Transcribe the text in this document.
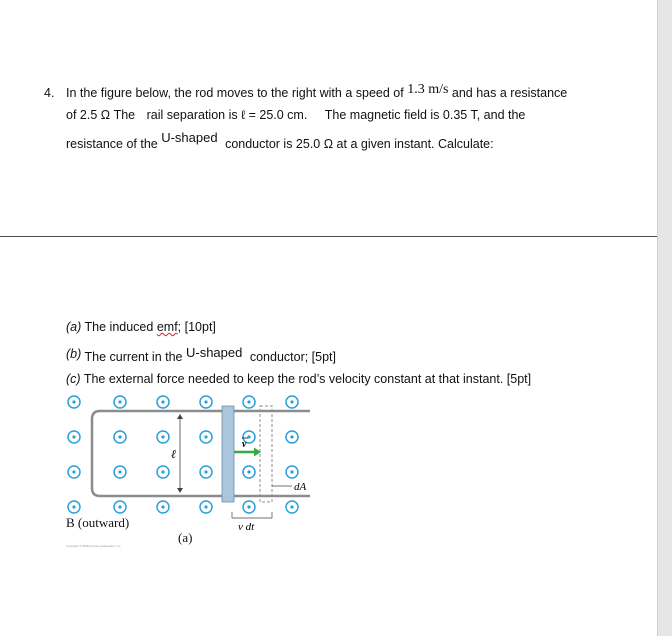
4. In the figure below, the rod moves to the right with a speed of 1.3 m/s and has a resistance
of 2.5 Ω The rail separation is ℓ = 25.0 cm. The magnetic field is 0.35 T, and the
resistance of the U-shaped conductor is 25.0 Ω at a given instant. Calculate:
(a) The induced emf; [10pt]
(b) The current in the U-shaped conductor; [5pt]
(c) The external force needed to keep the rod’s velocity constant at that instant. [5pt]
ℓ
v
dA
v dt
B (outward)
(a)
Copyright ©2008 Pearson Education, Inc.
